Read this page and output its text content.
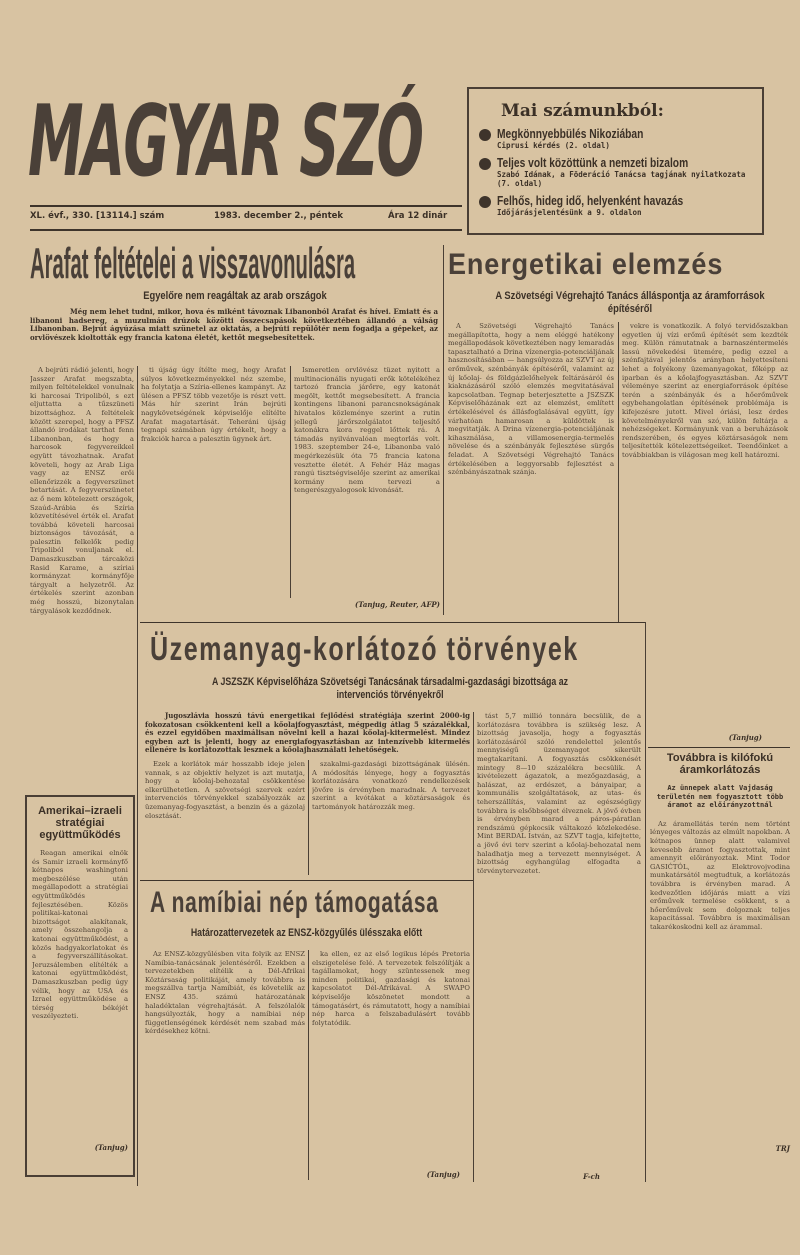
MAGYAR SZÓ
XL. évf., 330. [13114.] szám	1983. december 2., péntek	Ára 12 dinár
Mai számunkból:
Megkönnyebbülés Nikoziában
Ciprusi kérdés (2. oldal)
Teljes volt közöttünk a nemzeti bizalom
Szabó Idának, a Föderáció Tanácsa tagjának nyilatkozata (7. oldal)
Felhős, hideg idő, helyenként havazás
Időjárásjelentésünk a 9. oldalon
Arafat feltételei a visszavonulásra
Egyelőre nem reagáltak az arab országok
Még nem lehet tudni, mikor, hova és miként távoznak Libanonból Arafat és hívei. Emiatt és a libanoni hadsereg, a muzulmán drúzok közötti összecsapások következtében állandó a válság Libanonban. Bejrút ágyúzása miatt szünetel az oktatás, a bejrúti repülőtér nem fogadja a gépeket, az orvlövészek kioltották egy francia katona életét, kettőt megsebesítettek.
A bejrúti rádió jelenti, hogy Jasszer Arafat megszabta, milyen feltételekkel vonulnak ki harcosai Tripoliból, s ezt eljuttatta a tűzszüneti bizottsághoz. A feltételek között szerepel, hogy a PFSZ állandó irodákat tarthat fenn Libanonban, és hogy a harcosok fegyvereikkel együtt távozhatnak. Arafat követeli, hogy az Arab Liga vagy az ENSZ erői ellenőrizzék a fegyverszünet betartását. A fegyverszünetet az ő nem kötelezett országok, Szaúd-Arábia és Szíria közvetítésével érték el. Arafat továbbá követeli harcosai biztonságos távozását, a palesztin felkelők pedig Tripoliból vonuljanak el. Damaszkuszban tárcaközi Rasid Karame, a szíriai kormányzat kormányfője tárgyalt a helyzetről. Az értékelés szerint azonban még hosszú, bizonytalan tárgyalások kezdődnek.
ti újság úgy ítélte meg, hogy Arafat súlyos következményekkel néz szembe, ha folytatja a Szíria-ellenes kampányt. Az ülésen a PFSZ több vezetője is részt vett. Más hír szerint Irán bejrúti nagykövetségének képviselője elítélte Arafat magatartását. Teheráni újság tegnapi számában úgy értékelt, hogy a frakciók harca a palesztin ügynek árt.
Ismeretlen orvlövész tüzet nyitott a multinacionális nyugati erők kötelékéhez tartozó francia járőrre, egy katonát megölt, kettőt megsebesített. A francia kontingens libanoni parancsnokságának hivatalos közleménye szerint a rutin jellegű járőrszolgálatot teljesítő katonákra kora reggel lőttek rá. A támadás nyilvánvalóan megtorlás volt. 1983. szeptember 24-e, Libanonba való megérkezésük óta 75 francia katona vesztette életét. A Fehér Ház magas rangú tisztségviselője szerint az amerikai kormány nem tervezi a tengerészgyalogosok kivonását.
(Tanjug, Reuter, AFP)
Energetikai elemzés
A Szövetségi Végrehajtó Tanács álláspontja az áramforrások építéséről
A Szövetségi Végrehajtó Tanács megállapította, hogy a nem eléggé hatékony megállapodások következtében nagy lemaradás tapasztalható a Drina vízenergia-potenciáljának hasznosításában — hangsúlyozza az SZVT az új erőművek, szénbányák építéséről, valamint az új kőolaj- és földgázlelőhelyek feltárásáról és kiaknázásáról szóló elemzés megvitatásával kapcsolatban. Tegnap beterjesztette a JSZSZK Képviselőházának ezt az elemzést, említett értékelésével és állásfoglalásával együtt, így várhatóan hamarosan a küldöttek is megvitatják. A Drina vízenergia-potenciáljának kihasználása, a villamosenergia-termelés növelése és a szénbányák fejlesztése sürgős feladat. A Szövetségi Végrehajtó Tanács értékelésében a leggyorsabb fejlesztést a szénbányászatnak szánja.
vekre is vonatkozik. A folyó tervidőszakban egyetlen új vízi erőmű építését sem kezdték meg. Külön rámutatnak a barnaszéntermelés lassú növekedési ütemére, pedig ezzel a szénfajtával jelentős arányban helyettesíteni lehet a folyékony üzemanyagokat, főképp az iparban és a kőolajfogyasztásban. Az SZVT véleménye szerint az energiaforrások építése terén a szénbányák és a hőerőművek egybehangolatlan építésének problémája is kifejezésre jutott. Mivel óriási, lesz érdes követelményekről van szó, külön feltárja a nehézségeket. Kormányunk van a beruházások rendszerében, és egyes köztársaságok nem teljesítették kötelezettségeiket. Teendőinket a továbbiakban is világosan meg kell határozni.
(Tanjug)
Üzemanyag-korlátozó törvények
A JSZSZK Képviselőháza Szövetségi Tanácsának társadalmi-gazdasági bizottsága az intervenciós törvényekről
Jugoszlávia hosszú távú energetikai fejlődési stratégiája szerint 2000-ig fokozatosan csökkenteni kell a kőolajfogyasztást, mégpedig átlag 5 százalékkal, és ezzel egyidőben maximálisan növelni kell a hazai kőolaj-kitermelést. Mindez egyben azt is jelenti, hogy az energiafogyasztásban az intenzívebb kitermelés ellenére is korlátozottak lesznek a kőolajhasználati lehetőségek.
Ezek a korlátok már hosszabb ideje jelen vannak, s az objektív helyzet is azt mutatja, hogy a kőolaj-behozatal csökkentése elkerülhetetlen. A szövetségi szervek ezért intervenciós törvényekkel szabályozzák az üzemanyag-fogyasztást, a benzin és a gázolaj elosztását.
szakalmi-gazdasági bizottságának ülésén. A módosítás lényege, hogy a fogyasztás korlátozására vonatkozó rendelkezések jövőre is érvényben maradnak. A tervezet szerint a kvótákat a köztársaságok és tartományok határozzák meg.
tást 5,7 millió tonnára becsülik, de a korlátozásra továbbra is szükség lesz. A bizottság javasolja, hogy a fogyasztás korlátozásáról szóló rendelettel jelentős mennyiségű üzemanyagot sikerült megtakarítani. A fogyasztás csökkenését mintegy 8—10 százalékra becsülik. A kivételezett ágazatok, a mezőgazdaság, a halászat, az erdészet, a bányaipar, a kommunális szolgáltatások, az utas- és teherszállítás, valamint az egészségügy továbbra is elsőbbséget élveznek. A jövő évben is érvényben marad a páros-páratlan rendszámú gépkocsik váltakozó közlekedése. Mint BERDAL István, az SZVT tagja, kifejtette, a jövő évi terv szerint a kőolaj-behozatal nem haladhatja meg a tervezett mennyiséget. A bizottság egyhangúlag elfogadta a törvénytervezetet.
F-ch
A namíbiai nép támogatása
Határozattervezetek az ENSZ-közgyűlés ülésszaka előtt
Az ENSZ-közgyűlésben vita folyik az ENSZ Namíbia-tanácsának jelentéséről. Ezekben a tervezetekben elítélik a Dél-Afrikai Köztársaság politikáját, amely továbbra is megszállva tartja Namíbiát, és követelik az ENSZ 435. számú határozatának haladéktalan végrehajtását. A felszólalók hangsúlyozták, hogy a namíbiai nép függetlenségének kérdését nem szabad más kérdésekhez kötni.
ka ellen, ez az első logikus lépés Pretoria elszigetelése felé. A tervezetek felszólítják a tagállamokat, hogy szüntessenek meg minden politikai, gazdasági és katonai kapcsolatot Dél-Afrikával. A SWAPO képviselője köszönetet mondott a támogatásért, és rámutatott, hogy a namíbiai nép harca a felszabadulásért tovább folytatódik.
(Tanjug)
Továbbra is kilófokú áramkorlátozás
Az ünnepek alatt Vajdaság területén nem fogyasztott több áramot az előirányzottnál
Az áramellátás terén nem történt lényeges változás az elmúlt napokban. A kétnapos ünnep alatt valamivel kevesebb áramot fogyasztottak, mint amennyit előirányoztak. Mint Todor GASIĆTÓL, az Elektrovojvodina munkatársától megtudtuk, a korlátozás továbbra is érvényben marad. A kedvezőtlen időjárás miatt a vízi erőművek termelése csökkent, s a hőerőművek sem dolgoznak teljes kapacitással. Továbbra is maximálisan takarékoskodni kell az árammal.
TRJ
Amerikai–izraeli stratégiai együttműködés
Reagan amerikai elnök és Samir izraeli kormányfő kétnapos washingtoni megbeszélése után megállapodott a stratégiai együttműködés fejlesztésében. Közös politikai-katonai bizottságot alakítanak, amely összehangolja a katonai együttműködést, a közös hadgyakorlatokat és a fegyverszállításokat. Jeruzsálemben elítélték a katonai együttműködést, Damaszkuszban pedig úgy vélik, hogy az USA és Izrael együttműködése a térség békéjét veszélyezteti.
(Tanjug)
